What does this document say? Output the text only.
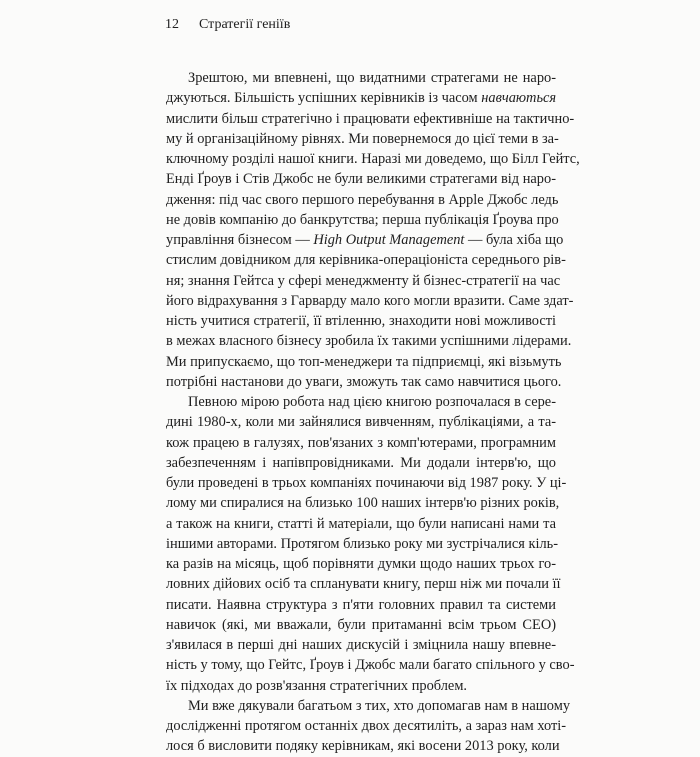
12 Стратегії геніїв
Зрештою, ми впевнені, що видатними стратегами не наро-
джуються. Більшість успішних керівників із часом навчаються
мислити більш стратегічно і працювати ефективніше на тактично-
му й організаційному рівнях. Ми повернемося до цієї теми в за-
ключному розділі нашої книги. Наразі ми доведемо, що Білл Гейтс,
Енді Ґроув і Стів Джобс не були великими стратегами від наро-
дження: під час свого першого перебування в Apple Джобс ледь
не довів компанію до банкрутства; перша публікація Ґроува про
управління бізнесом — High Output Management — була хіба що
стислим довідником для керівника-операціоніста середнього рів-
ня; знання Гейтса у сфері менеджменту й бізнес-стратегії на час
його відрахування з Гарварду мало кого могли вразити. Саме здат-
ність учитися стратегії, її втіленню, знаходити нові можливості
в межах власного бізнесу зробила їх такими успішними лідерами.
Ми припускаємо, що топ-менеджери та підприємці, які візьмуть
потрібні настанови до уваги, зможуть так само навчитися цього.
Певною мірою робота над цією книгою розпочалася в сере-
дині 1980-х, коли ми зайнялися вивченням, публікаціями, а та-
кож працею в галузях, пов'язаних з комп'ютерами, програмним
забезпеченням і напівпровідниками. Ми додали інтерв'ю, що
були проведені в трьох компаніях починаючи від 1987 року. У ці-
лому ми спиралися на близько 100 наших інтерв'ю різних років,
а також на книги, статті й матеріали, що були написані нами та
іншими авторами. Протягом близько року ми зустрічалися кіль-
ка разів на місяць, щоб порівняти думки щодо наших трьох го-
ловних дійових осіб та спланувати книгу, перш ніж ми почали її
писати. Наявна структура з п'яти головних правил та системи
навичок (які, ми вважали, були притаманні всім трьом CEO)
з'явилася в перші дні наших дискусій і зміцнила нашу впевне-
ність у тому, що Гейтс, Ґроув і Джобс мали багато спільного у сво-
їх підходах до розв'язання стратегічних проблем.
Ми вже дякували багатьом з тих, хто допомагав нам в нашому
дослідженні протягом останніх двох десятиліть, а зараз нам хоті-
лося б висловити подяку керівникам, які восени 2013 року, коли
